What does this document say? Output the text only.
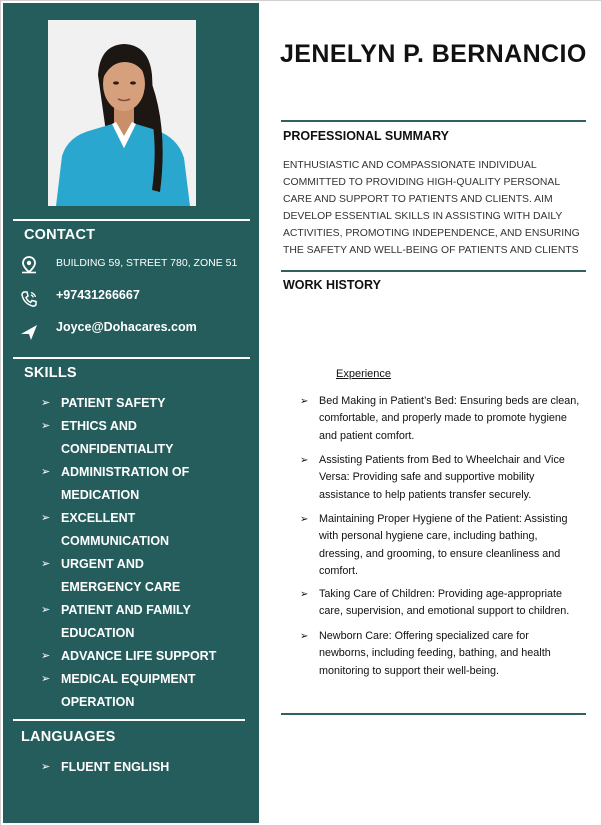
CONTACT
BUILDING 59, STREET 780, ZONE 51
+97431266667
Joyce@Dohacares.com
SKILLS
➢ PATIENT SAFETY
➢ ETHICS AND CONFIDENTIALITY
➢ ADMINISTRATION OF MEDICATION
➢ EXCELLENT COMMUNICATION
➢ URGENT AND EMERGENCY CARE
➢ PATIENT AND FAMILY EDUCATION
➢ ADVANCE LIFE SUPPORT
➢ MEDICAL EQUIPMENT OPERATION
LANGUAGES
➢ FLUENT ENGLISH
JENELYN P. BERNANCIO
PROFESSIONAL SUMMARY
ENTHUSIASTIC AND COMPASSIONATE INDIVIDUAL COMMITTED TO PROVIDING HIGH-QUALITY PERSONAL CARE AND SUPPORT TO PATIENTS AND CLIENTS. AIM DEVELOP ESSENTIAL SKILLS IN ASSISTING WITH DAILY ACTIVITIES, PROMOTING INDEPENDENCE, AND ENSURING THE SAFETY AND WELL-BEING OF PATIENTS AND CLIENTS
WORK HISTORY
Experience
➢ Bed Making in Patient’s Bed: Ensuring beds are clean, comfortable, and properly made to promote hygiene and patient comfort.
➢ Assisting Patients from Bed to Wheelchair and Vice Versa: Providing safe and supportive mobility assistance to help patients transfer securely.
➢ Maintaining Proper Hygiene of the Patient: Assisting with personal hygiene care, including bathing, dressing, and grooming, to ensure cleanliness and comfort.
➢ Taking Care of Children: Providing age-appropriate care, supervision, and emotional support to children.
➢ Newborn Care: Offering specialized care for newborns, including feeding, bathing, and health monitoring to support their well-being.
